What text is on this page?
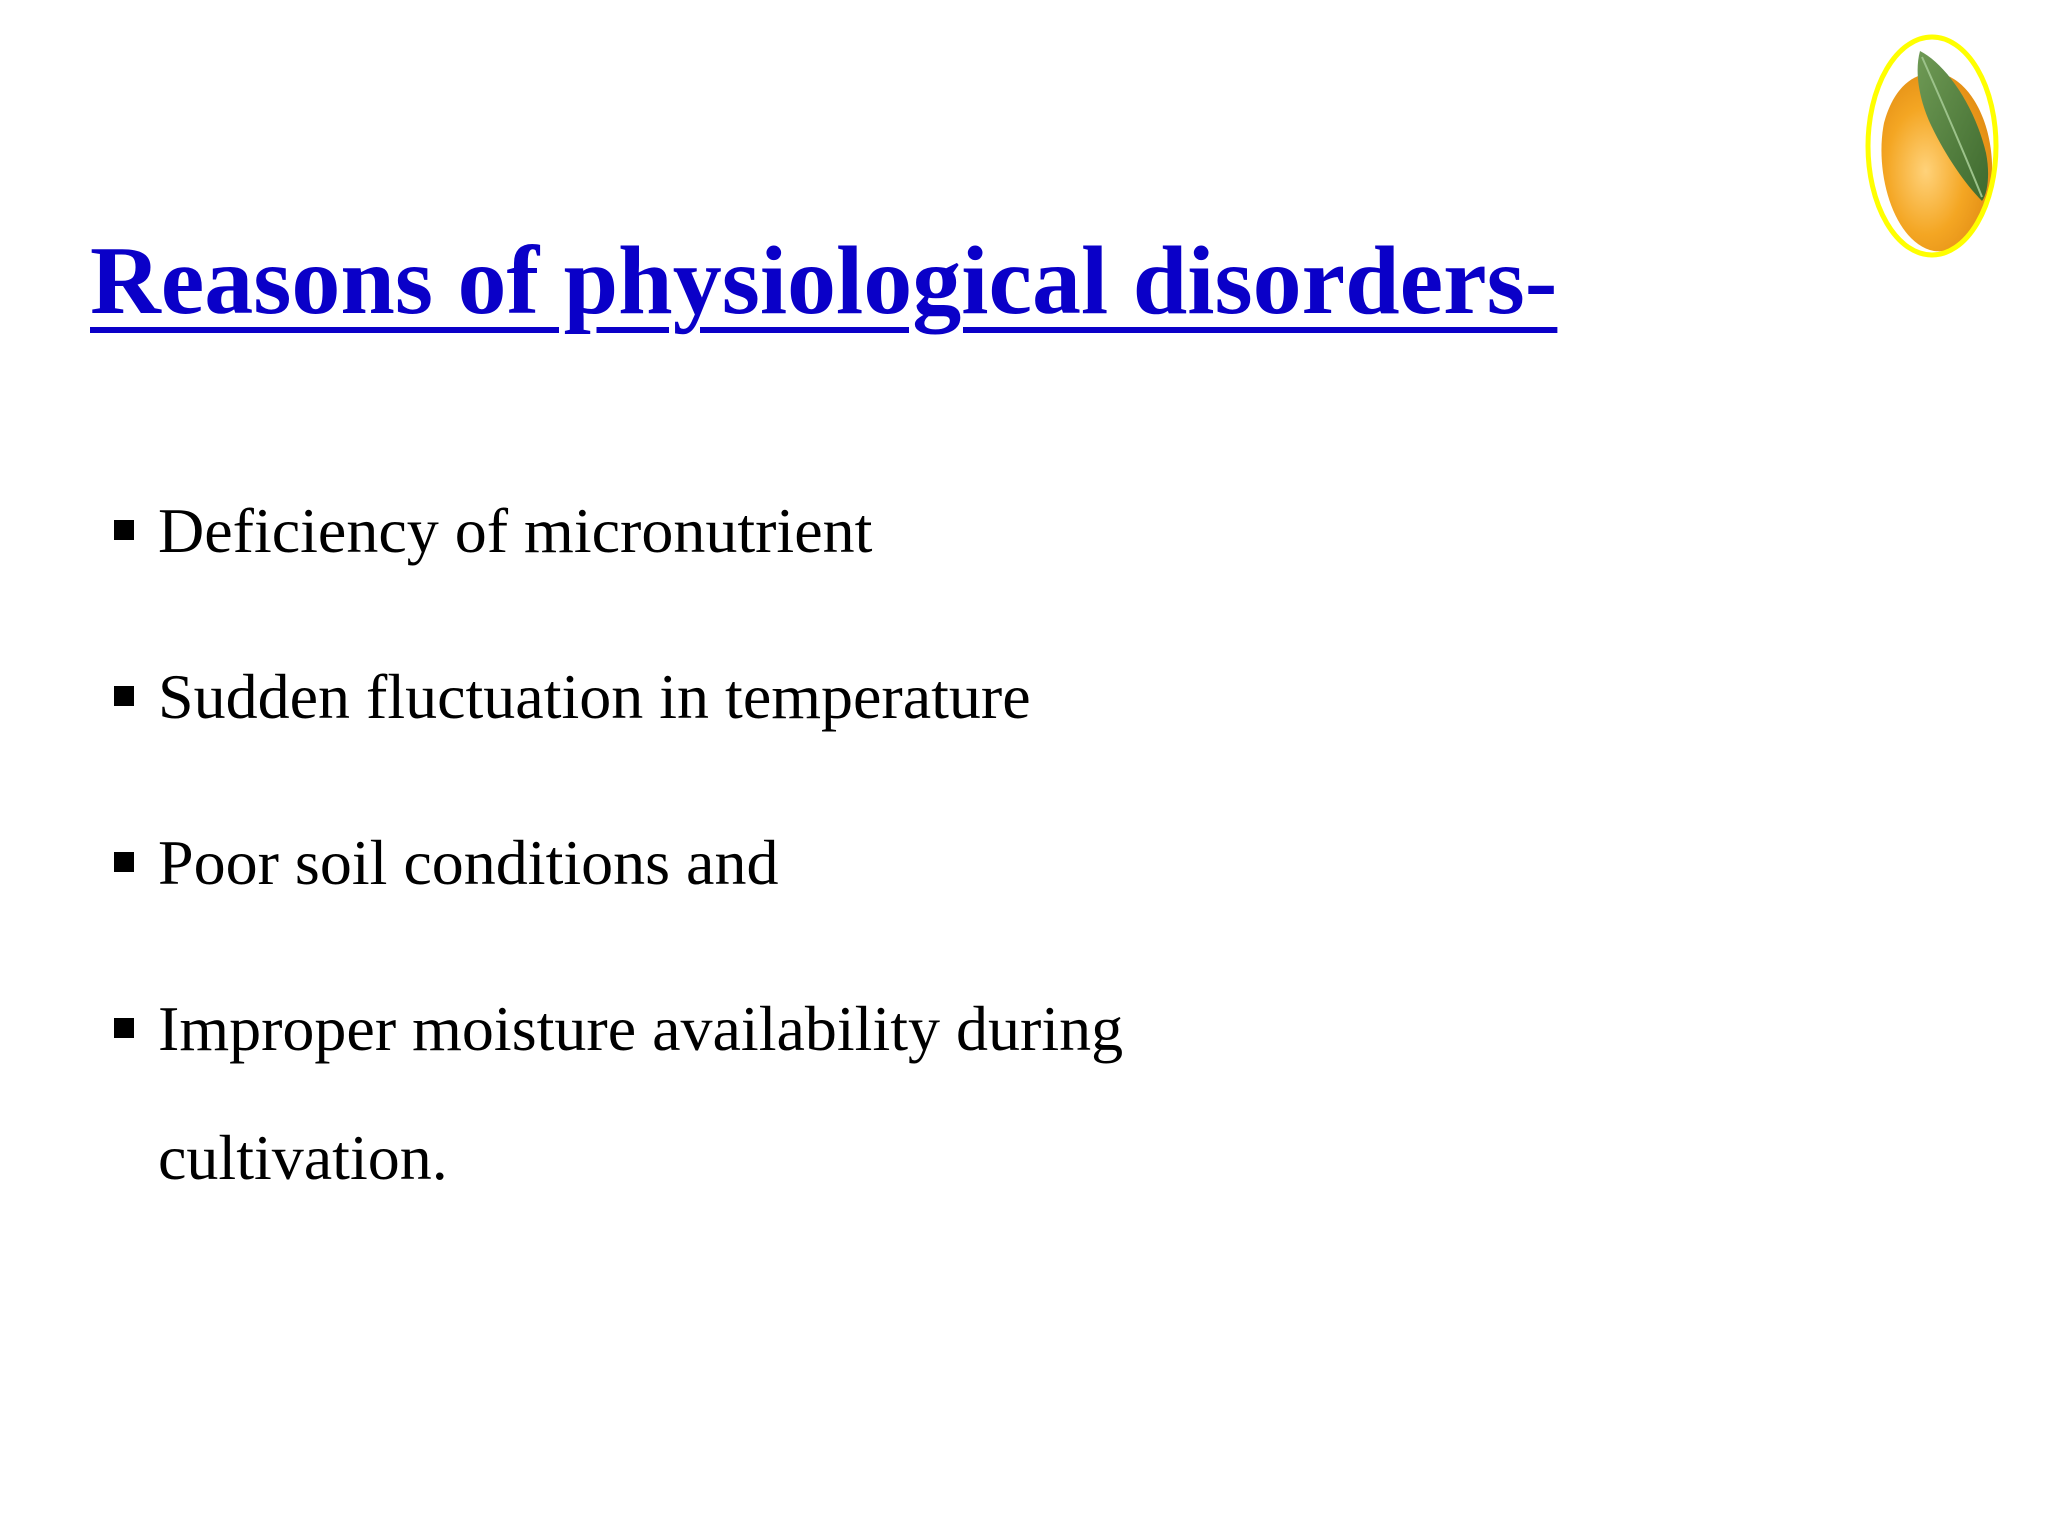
Reasons of physiological disorders-
Deficiency of micronutrient
Sudden fluctuation in temperature
Poor soil conditions and
Improper moisture availability during
cultivation.
